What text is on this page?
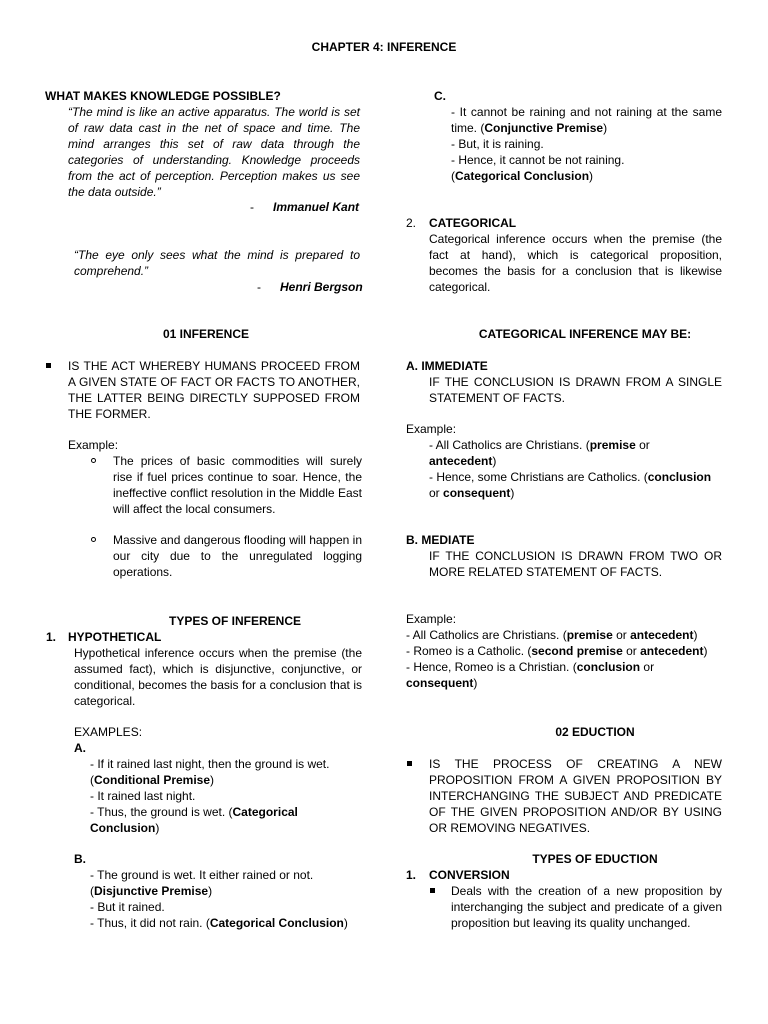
CHAPTER 4: INFERENCE
WHAT MAKES KNOWLEDGE POSSIBLE?
“The mind is like an active apparatus. The world is set of raw data cast in the net of space and time. The mind arranges this set of raw data through the categories of understanding. Knowledge proceeds from the act of perception. Perception makes us see the data outside.”
- Immanuel Kant
“The eye only sees what the mind is prepared to comprehend.”
- Henri Bergson
01 INFERENCE
IS THE ACT WHEREBY HUMANS PROCEED FROM A GIVEN STATE OF FACT OR FACTS TO ANOTHER, THE LATTER BEING DIRECTLY SUPPOSED FROM THE FORMER.
Example:
The prices of basic commodities will surely rise if fuel prices continue to soar. Hence, the ineffective conflict resolution in the Middle East will affect the local consumers.
Massive and dangerous flooding will happen in our city due to the unregulated logging operations.
TYPES OF INFERENCE
1. HYPOTHETICAL
Hypothetical inference occurs when the premise (the assumed fact), which is disjunctive, conjunctive, or conditional, becomes the basis for a conclusion that is categorical.
EXAMPLES:
A.
- If it rained last night, then the ground is wet.
(Conditional Premise)
- It rained last night.
- Thus, the ground is wet. (Categorical
Conclusion)
B.
- The ground is wet. It either rained or not.
(Disjunctive Premise)
- But it rained.
- Thus, it did not rain. (Categorical Conclusion)
C.
- It cannot be raining and not raining at the same time. (Conjunctive Premise)
- But, it is raining.
- Hence, it cannot be not raining.
(Categorical Conclusion)
2. CATEGORICAL
Categorical inference occurs when the premise (the fact at hand), which is categorical proposition, becomes the basis for a conclusion that is likewise categorical.
CATEGORICAL INFERENCE MAY BE:
A. IMMEDIATE
IF THE CONCLUSION IS DRAWN FROM A SINGLE STATEMENT OF FACTS.
Example:
- All Catholics are Christians. (premise or
antecedent)
- Hence, some Christians are Catholics. (conclusion
or consequent)
B. MEDIATE
IF THE CONCLUSION IS DRAWN FROM TWO OR MORE RELATED STATEMENT OF FACTS.
Example:
- All Catholics are Christians. (premise or antecedent)
- Romeo is a Catholic. (second premise or antecedent)
- Hence, Romeo is a Christian. (conclusion or
consequent)
02 EDUCTION
IS THE PROCESS OF CREATING A NEW PROPOSITION FROM A GIVEN PROPOSITION BY INTERCHANGING THE SUBJECT AND PREDICATE OF THE GIVEN PROPOSITION AND/OR BY USING OR REMOVING NEGATIVES.
TYPES OF EDUCTION
1. CONVERSION
Deals with the creation of a new proposition by interchanging the subject and predicate of a given proposition but leaving its quality unchanged.
